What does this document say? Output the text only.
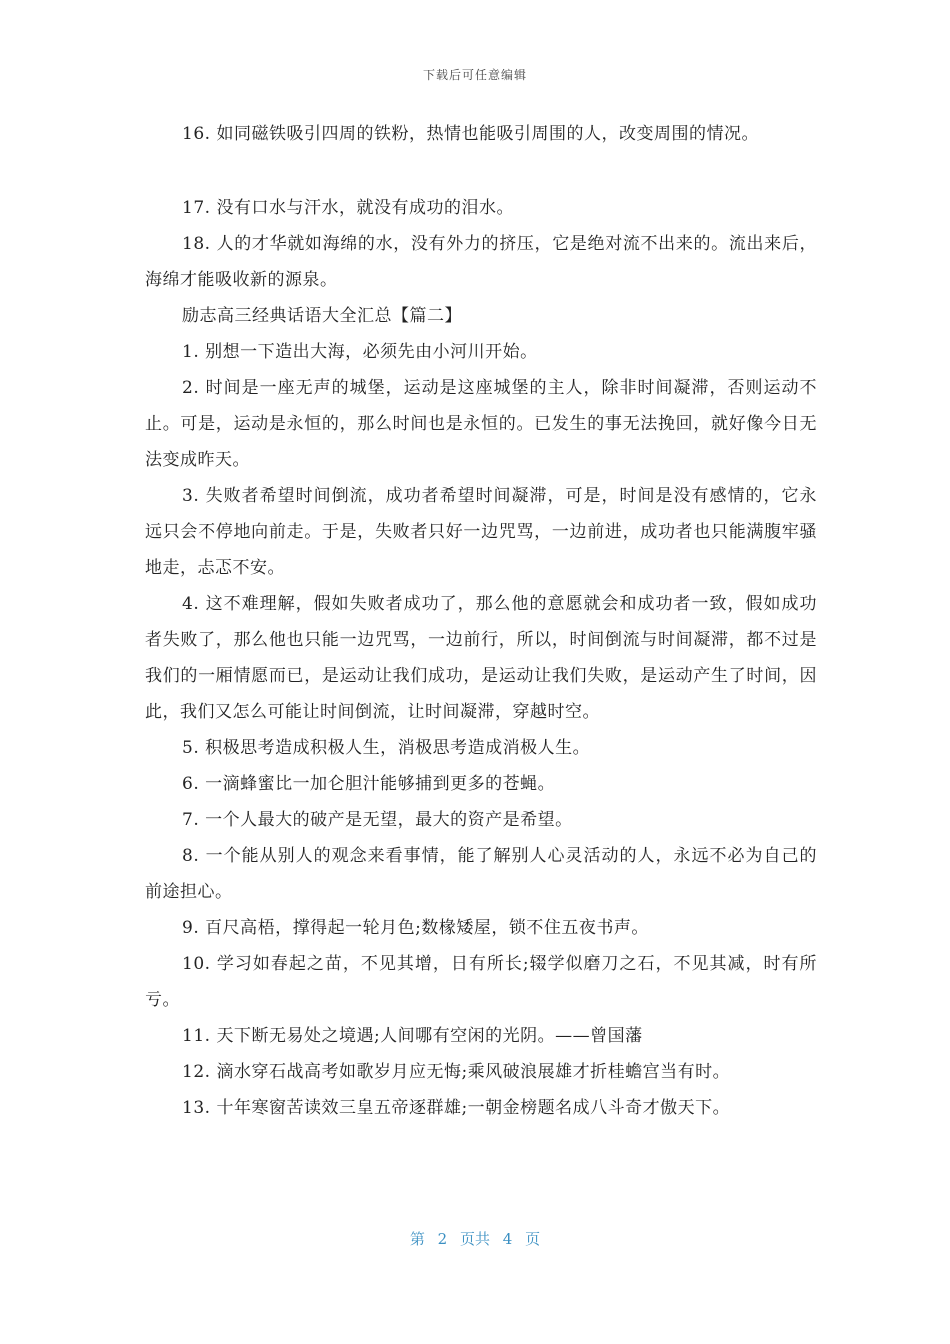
下载后可任意编辑

16. 如同磁铁吸引四周的铁粉，热情也能吸引周围的人，改变周围的情况。

17. 没有口水与汗水，就没有成功的泪水。

18. 人的才华就如海绵的水，没有外力的挤压，它是绝对流不出来的。流出来后，海绵才能吸收新的源泉。

励志高三经典话语大全汇总【篇二】

1. 别想一下造出大海，必须先由小河川开始。

2. 时间是一座无声的城堡，运动是这座城堡的主人，除非时间凝滞，否则运动不止。可是，运动是永恒的，那么时间也是永恒的。已发生的事无法挽回，就好像今日无法变成昨天。

3. 失败者希望时间倒流，成功者希望时间凝滞，可是，时间是没有感情的，它永远只会不停地向前走。于是，失败者只好一边咒骂，一边前进，成功者也只能满腹牢骚地走，忐忑不安。

4. 这不难理解，假如失败者成功了，那么他的意愿就会和成功者一致，假如成功者失败了，那么他也只能一边咒骂，一边前行，所以，时间倒流与时间凝滞，都不过是我们的一厢情愿而已，是运动让我们成功，是运动让我们失败，是运动产生了时间，因此，我们又怎么可能让时间倒流，让时间凝滞，穿越时空。

5. 积极思考造成积极人生，消极思考造成消极人生。

6. 一滴蜂蜜比一加仑胆汁能够捕到更多的苍蝇。

7. 一个人最大的破产是无望，最大的资产是希望。

8. 一个能从别人的观念来看事情，能了解别人心灵活动的人，永远不必为自己的前途担心。

9. 百尺高梧，撑得起一轮月色;数椽矮屋，锁不住五夜书声。

10. 学习如春起之苗，不见其增，日有所长;辍学似磨刀之石，不见其减，时有所亏。

11. 天下断无易处之境遇;人间哪有空闲的光阴。——曾国藩

12. 滴水穿石战高考如歌岁月应无悔;乘风破浪展雄才折桂蟾宫当有时。

13. 十年寒窗苦读效三皇五帝逐群雄;一朝金榜题名成八斗奇才傲天下。

第 2 页共 4 页
